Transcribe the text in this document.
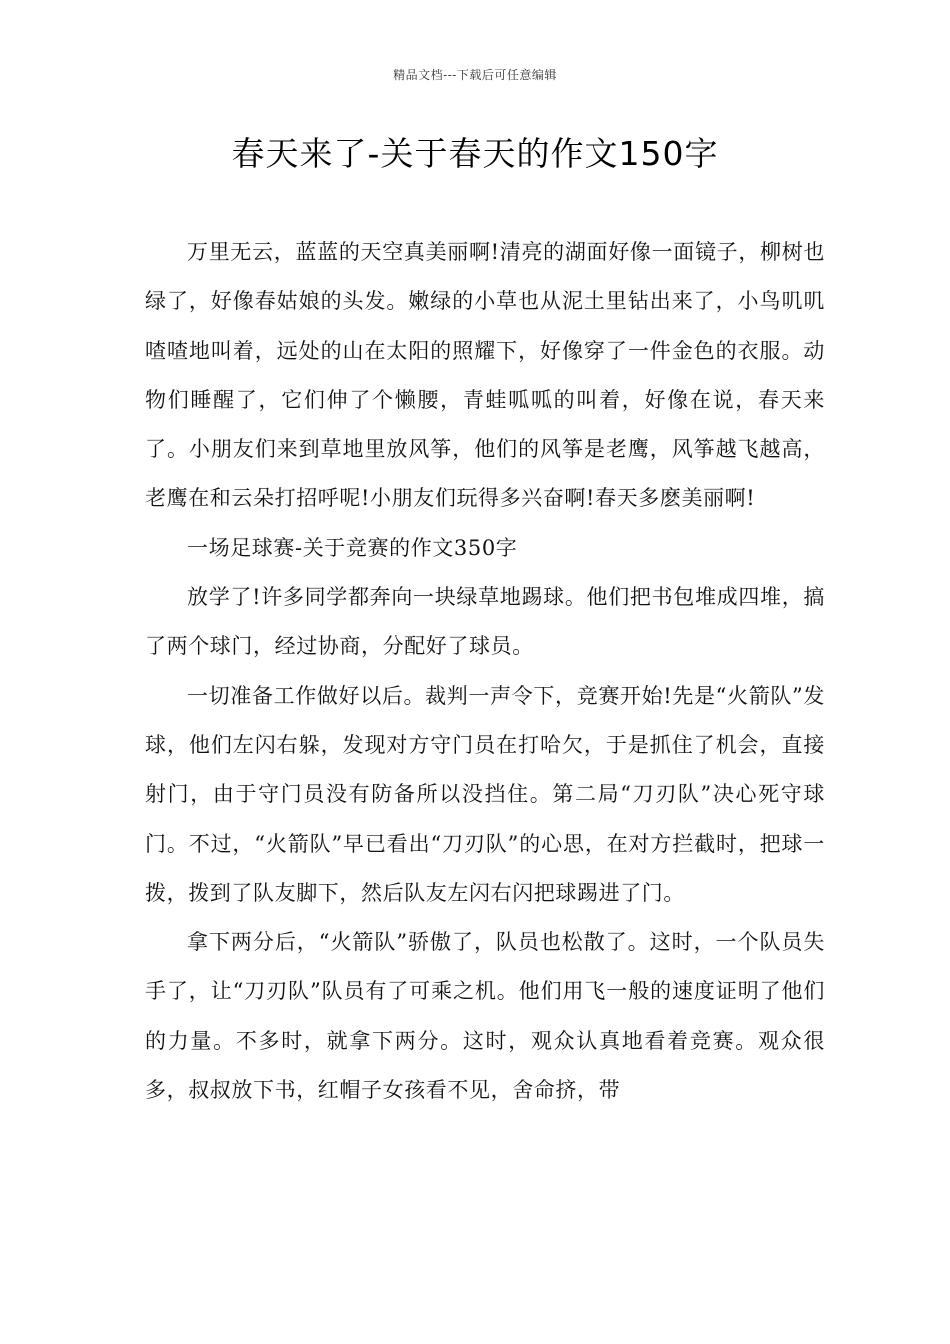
精品文档---下载后可任意编辑
春天来了-关于春天的作文150字

万里无云，蓝蓝的天空真美丽啊!清亮的湖面好像一面镜子，柳树也绿了，好像春姑娘的头发。嫩绿的小草也从泥土里钻出来了，小鸟叽叽喳喳地叫着，远处的山在太阳的照耀下，好像穿了一件金色的衣服。动物们睡醒了，它们伸了个懒腰，青蛙呱呱的叫着，好像在说，春天来了。小朋友们来到草地里放风筝，他们的风筝是老鹰，风筝越飞越高，老鹰在和云朵打招呼呢!小朋友们玩得多兴奋啊!春天多麽美丽啊!

一场足球赛-关于竞赛的作文350字

放学了!许多同学都奔向一块绿草地踢球。他们把书包堆成四堆，搞了两个球门，经过协商，分配好了球员。

一切准备工作做好以后。裁判一声令下，竞赛开始!先是“火箭队”发球，他们左闪右躲，发现对方守门员在打哈欠，于是抓住了机会，直接射门，由于守门员没有防备所以没挡住。第二局“刀刃队”决心死守球门。不过，“火箭队”早已看出“刀刃队”的心思，在对方拦截时，把球一拨，拨到了队友脚下，然后队友左闪右闪把球踢进了门。

拿下两分后，“火箭队”骄傲了，队员也松散了。这时，一个队员失手了，让“刀刃队”队员有了可乘之机。他们用飞一般的速度证明了他们的力量。不多时，就拿下两分。这时，观众认真地看着竞赛。观众很多，叔叔放下书，红帽子女孩看不见，舍命挤，带
